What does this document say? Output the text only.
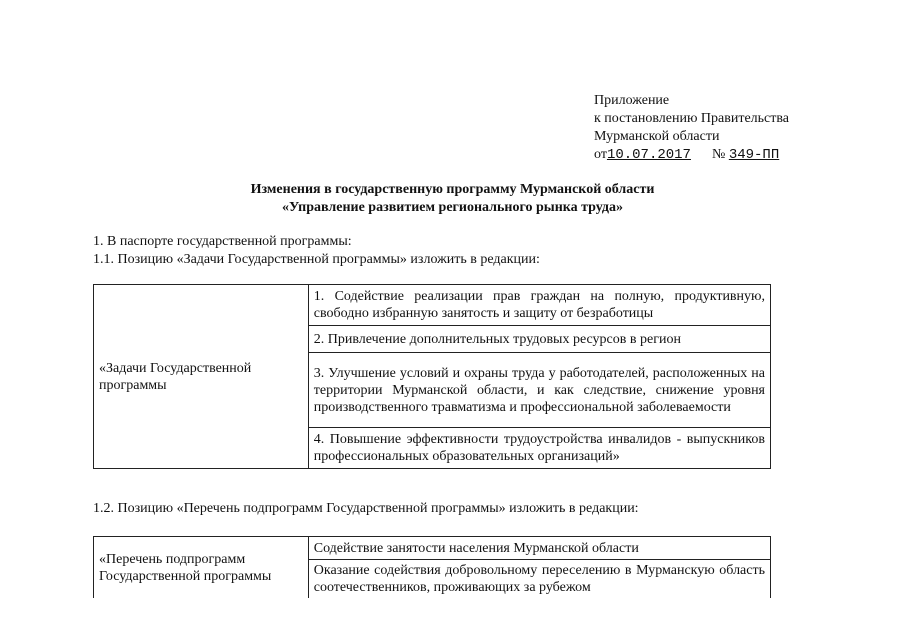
Приложение
к постановлению Правительства
Мурманской области
от10.07.2017 № 349-ПП
Изменения в государственную программу Мурманской области
«Управление развитием регионального рынка труда»
1. В паспорте государственной программы:
1.1. Позицию «Задачи Государственной программы» изложить в редакции:
«Задачи Государственной программы	1. Содействие реализации прав граждан на полную, продуктивную, свободно избранную занятость и защиту от безработицы
2. Привлечение дополнительных трудовых ресурсов в регион
3. Улучшение условий и охраны труда у работодателей, расположенных на территории Мурманской области, и как следствие, снижение уровня производственного травматизма и профессиональной заболеваемости
4. Повышение эффективности трудоустройства инвалидов - выпускников профессиональных образовательных организаций»
1.2. Позицию «Перечень подпрограмм Государственной программы» изложить в редакции:
«Перечень подпрограмм Государственной программы	Содействие занятости населения Мурманской области
Оказание содействия добровольному переселению в Мурманскую область соотечественников, проживающих за рубежом
